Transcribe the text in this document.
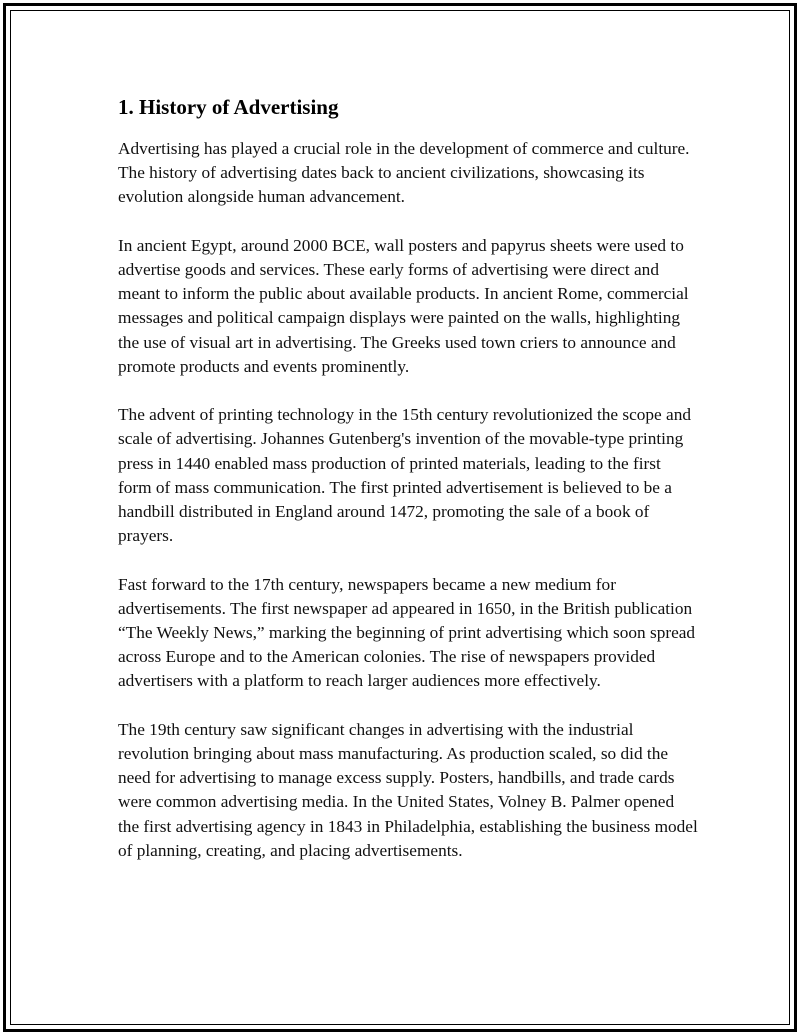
1. History of Advertising

Advertising has played a crucial role in the development of commerce and culture. The history of advertising dates back to ancient civilizations, showcasing its evolution alongside human advancement.

In ancient Egypt, around 2000 BCE, wall posters and papyrus sheets were used to advertise goods and services. These early forms of advertising were direct and meant to inform the public about available products. In ancient Rome, commercial messages and political campaign displays were painted on the walls, highlighting the use of visual art in advertising. The Greeks used town criers to announce and promote products and events prominently.

The advent of printing technology in the 15th century revolutionized the scope and scale of advertising. Johannes Gutenberg's invention of the movable-type printing press in 1440 enabled mass production of printed materials, leading to the first form of mass communication. The first printed advertisement is believed to be a handbill distributed in England around 1472, promoting the sale of a book of prayers.

Fast forward to the 17th century, newspapers became a new medium for advertisements. The first newspaper ad appeared in 1650, in the British publication “The Weekly News,” marking the beginning of print advertising which soon spread across Europe and to the American colonies. The rise of newspapers provided advertisers with a platform to reach larger audiences more effectively.

The 19th century saw significant changes in advertising with the industrial revolution bringing about mass manufacturing. As production scaled, so did the need for advertising to manage excess supply. Posters, handbills, and trade cards were common advertising media. In the United States, Volney B. Palmer opened the first advertising agency in 1843 in Philadelphia, establishing the business model of planning, creating, and placing advertisements.
